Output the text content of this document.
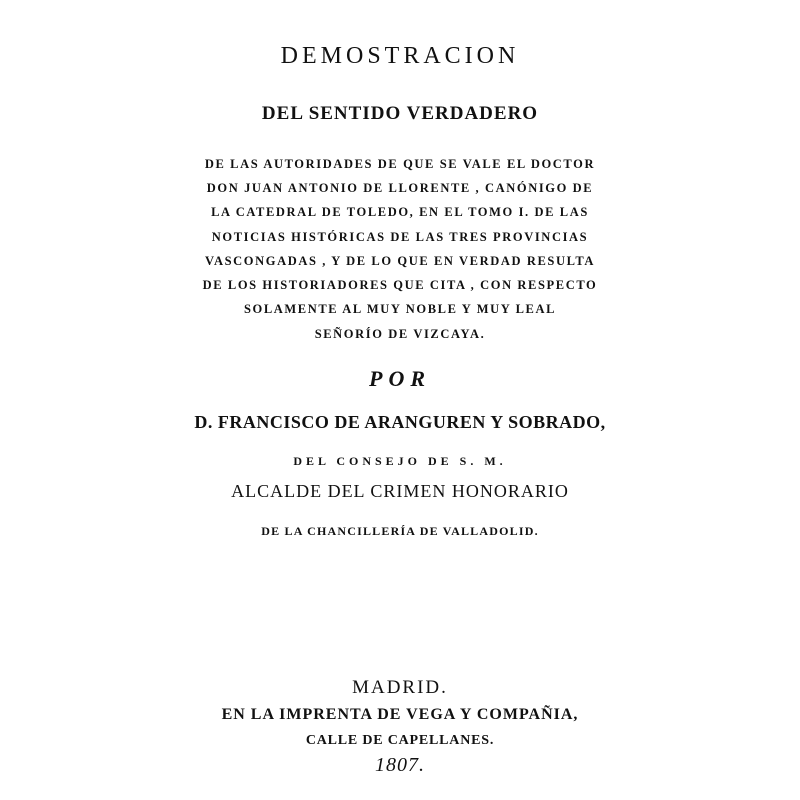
DEMOSTRACION
DEL SENTIDO VERDADERO

DE LAS AUTORIDADES DE QUE SE VALE EL DOCTOR

DON JUAN ANTONIO DE LLORENTE , CANÓNIGO DE

LA CATEDRAL DE TOLEDO, EN EL TOMO I. DE LAS

NOTICIAS HISTÓRICAS DE LAS TRES PROVINCIAS

VASCONGADAS , Y DE LO QUE EN VERDAD RESULTA

DE LOS HISTORIADORES QUE CITA , CON RESPECTO

SOLAMENTE AL MUY NOBLE Y MUY LEAL

SEÑORÍO DE VIZCAYA.

POR

D. FRANCISCO DE ARANGUREN Y SOBRADO,

DEL CONSEJO DE S. M.

ALCALDE DEL CRIMEN HONORARIO

DE LA CHANCILLERÍA DE VALLADOLID.

MADRID.

EN LA IMPRENTA DE VEGA Y COMPAÑIA,

CALLE DE CAPELLANES.

1807.
